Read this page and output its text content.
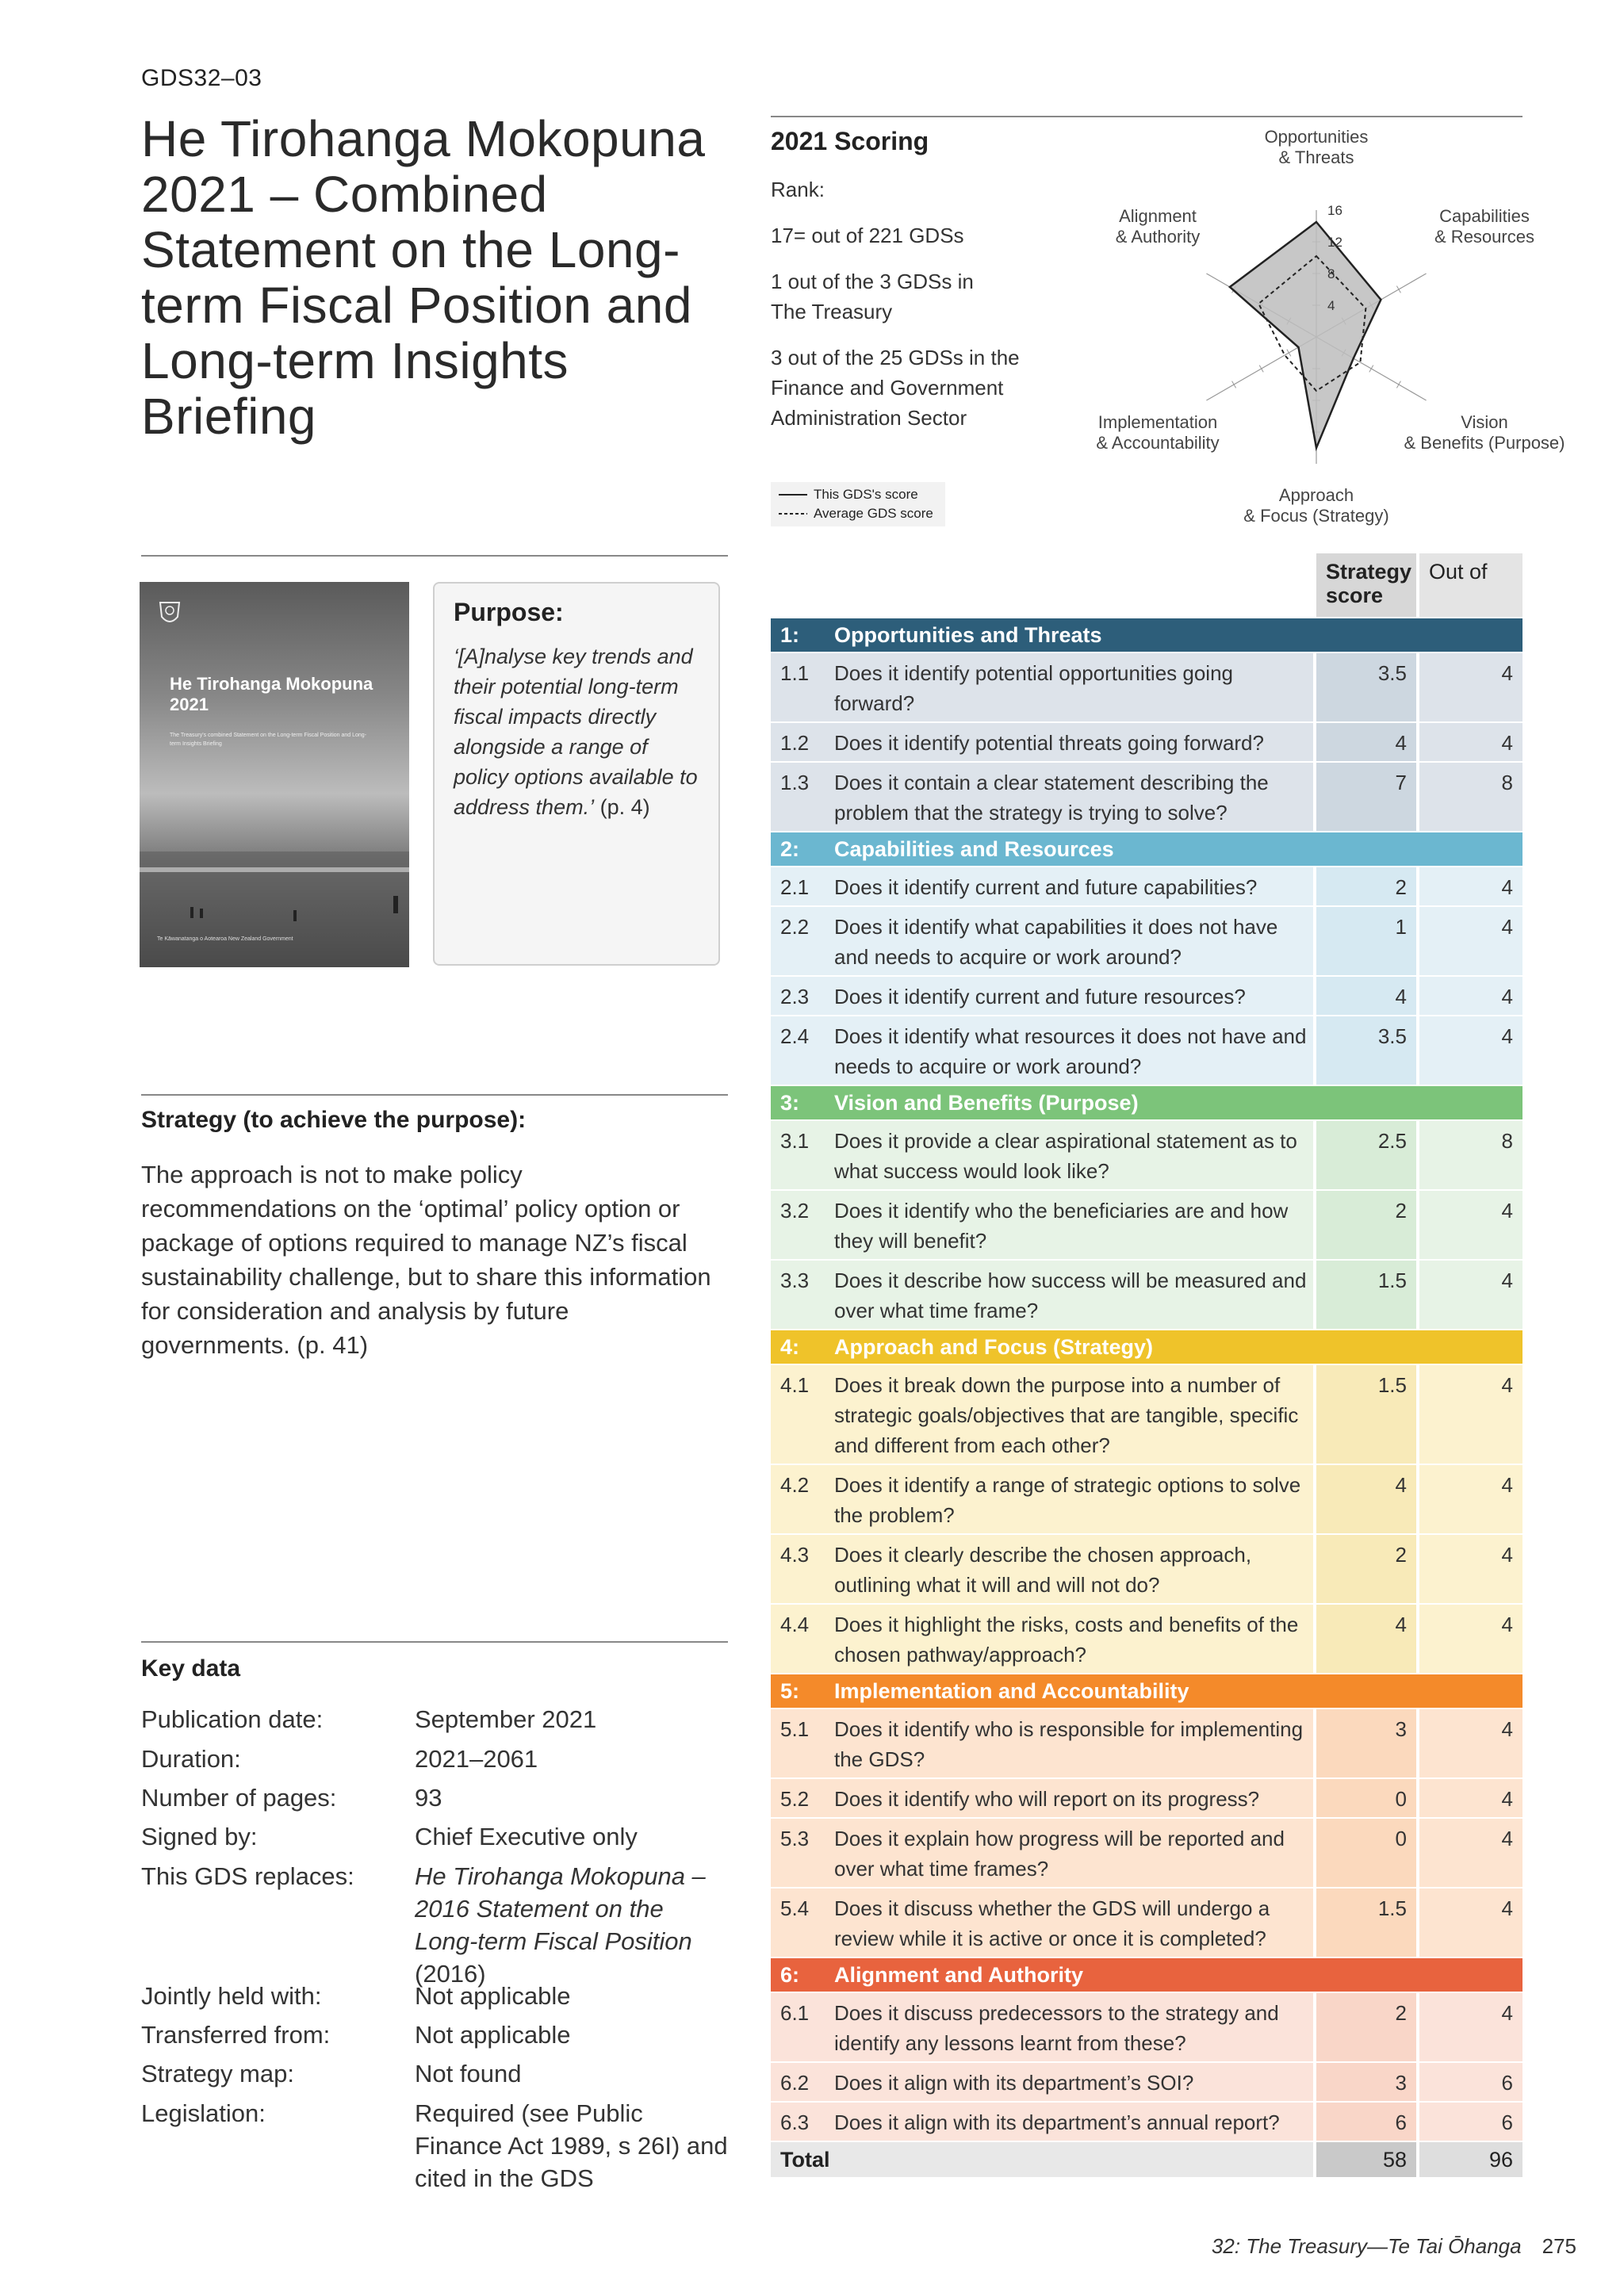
GDS32–03
He Tirohanga Mokopuna 2021 – Combined Statement on the Long-term Fiscal Position and Long-term Insights Briefing
He Tirohanga Mokopuna 2021
The Treasury's combined Statement on the Long-term Fiscal Position and Long-term Insights Briefing
Te Kāwanatanga o Aotearoa New Zealand Government
Purpose:
‘[A]nalyse key trends and their potential long-term fiscal impacts directly alongside a range of policy options available to address them.’ (p. 4)
Strategy (to achieve the purpose):
The approach is not to make policy recommendations on the ‘optimal’ policy option or package of options required to manage NZ’s fiscal sustainability challenge, but to share this information for consideration and analysis by future governments. (p. 41)
Key data
Publication date:	September 2021
Duration:	2021–2061
Number of pages:	93
Signed by:	Chief Executive only
This GDS replaces:	He Tirohanga Mokopuna – 2016 Statement on the Long-term Fiscal Position
(2016)
Jointly held with:	Not applicable
Transferred from:	Not applicable
Strategy map:	Not found
Legislation:	Required (see Public Finance Act 1989, s 26I) and cited in the GDS
2021 Scoring
Rank:
17= out of 221 GDSs
1 out of the 3 GDSs in The Treasury
3 out of the 25 GDSs in the Finance and Government Administration Sector
4
8
12
16
Opportunities & Threats
Capabilities & Resources
Vision & Benefits (Purpose)
Approach & Focus (Strategy)
Implementation & Accountability
Alignment & Authority
This GDS's score
Average GDS score
Strategy score
Out of
1: Opportunities and Threats
1.1 Does it identify potential opportunities going forward?
3.5	4
1.2 Does it identify potential threats going forward?	4	4
1.3 Does it contain a clear statement describing the problem that the strategy is trying to solve?
7	8
2: Capabilities and Resources
2.1 Does it identify current and future capabilities?	2	4
2.2 Does it identify what capabilities it does not have and needs to acquire or work around?
1	4
2.3 Does it identify current and future resources?	4	4
2.4 Does it identify what resources it does not have and needs to acquire or work around?
3.5	4
3: Vision and Benefits (Purpose)
3.1 Does it provide a clear aspirational statement as to what success would look like?
2.5	8
3.2 Does it identify who the beneficiaries are and how they will benefit?
2	4
3.3 Does it describe how success will be measured and over what time frame?
1.5	4
4: Approach and Focus (Strategy)
4.1 Does it break down the purpose into a number of strategic goals/objectives that are tangible, specific and different from each other?
1.5	4
4.2 Does it identify a range of strategic options to solve the problem?
4	4
4.3 Does it clearly describe the chosen approach, outlining what it will and will not do?
2	4
4.4 Does it highlight the risks, costs and benefits of the chosen pathway/approach?
4	4
5: Implementation and Accountability
5.1 Does it identify who is responsible for implementing the GDS?
3	4
5.2 Does it identify who will report on its progress?	0	4
5.3 Does it explain how progress will be reported and over what time frames?
0	4
5.4 Does it discuss whether the GDS will undergo a review while it is active or once it is completed?
1.5	4
6: Alignment and Authority
6.1 Does it discuss predecessors to the strategy and identify any lessons learnt from these?
2	4
6.2 Does it align with its department’s SOI?	3	6
6.3 Does it align with its department’s annual report?	6	6
Total	58	96
32: The Treasury—Te Tai Ōhanga 275
